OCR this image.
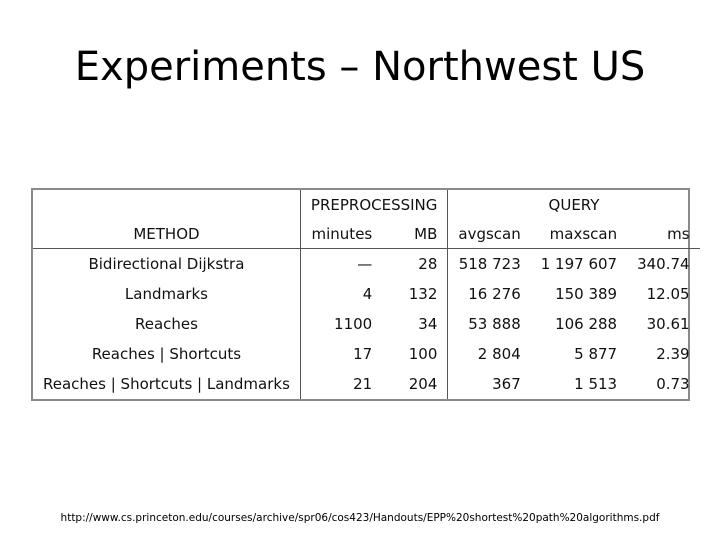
Experiments – Northwest US
	PREPROCESSING		QUERY		
METHOD	minutes	MB	avgscan	maxscan	ms
Bidirectional Dijkstra	—	28	518 723	1 197 607	340.74
Landmarks	4	132	16 276	150 389	12.05
Reaches	1100	34	53 888	106 288	30.61
Reaches | Shortcuts	17	100	2 804	5 877	2.39
Reaches | Shortcuts | Landmarks	21	204	367	1 513	0.73
http://www.cs.princeton.edu/courses/archive/spr06/cos423/Handouts/EPP%20shortest%20path%20algorithms.pdf
